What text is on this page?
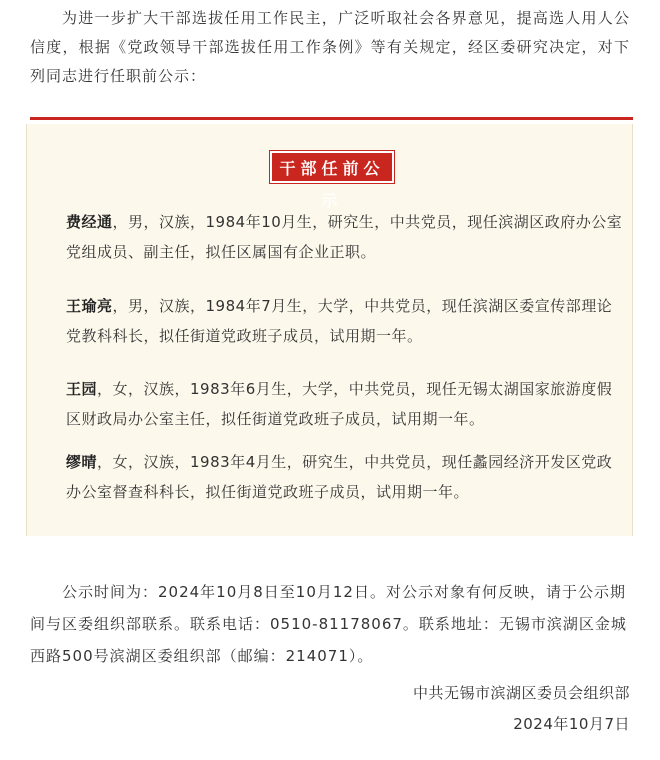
为进一步扩大干部选拔任用工作民主，广泛听取社会各界意见，提高选人用人公信度，根据《党政领导干部选拔任用工作条例》等有关规定，经区委研究决定，对下列同志进行任职前公示：

干部任前公示

费经通，男，汉族，1984年10月生，研究生，中共党员，现任滨湖区政府办公室党组成员、副主任，拟任区属国有企业正职。

王瑜亮，男，汉族，1984年7月生，大学，中共党员，现任滨湖区委宣传部理论党教科科长，拟任街道党政班子成员，试用期一年。

王园，女，汉族，1983年6月生，大学，中共党员，现任无锡太湖国家旅游度假区财政局办公室主任，拟任街道党政班子成员，试用期一年。

缪晴，女，汉族，1983年4月生，研究生，中共党员，现任蠡园经济开发区党政办公室督查科科长，拟任街道党政班子成员，试用期一年。

公示时间为：2024年10月8日至10月12日。对公示对象有何反映，请于公示期间与区委组织部联系。联系电话：0510-81178067。联系地址：无锡市滨湖区金城西路500号滨湖区委组织部（邮编：214071）。

中共无锡市滨湖区委员会组织部
2024年10月7日
